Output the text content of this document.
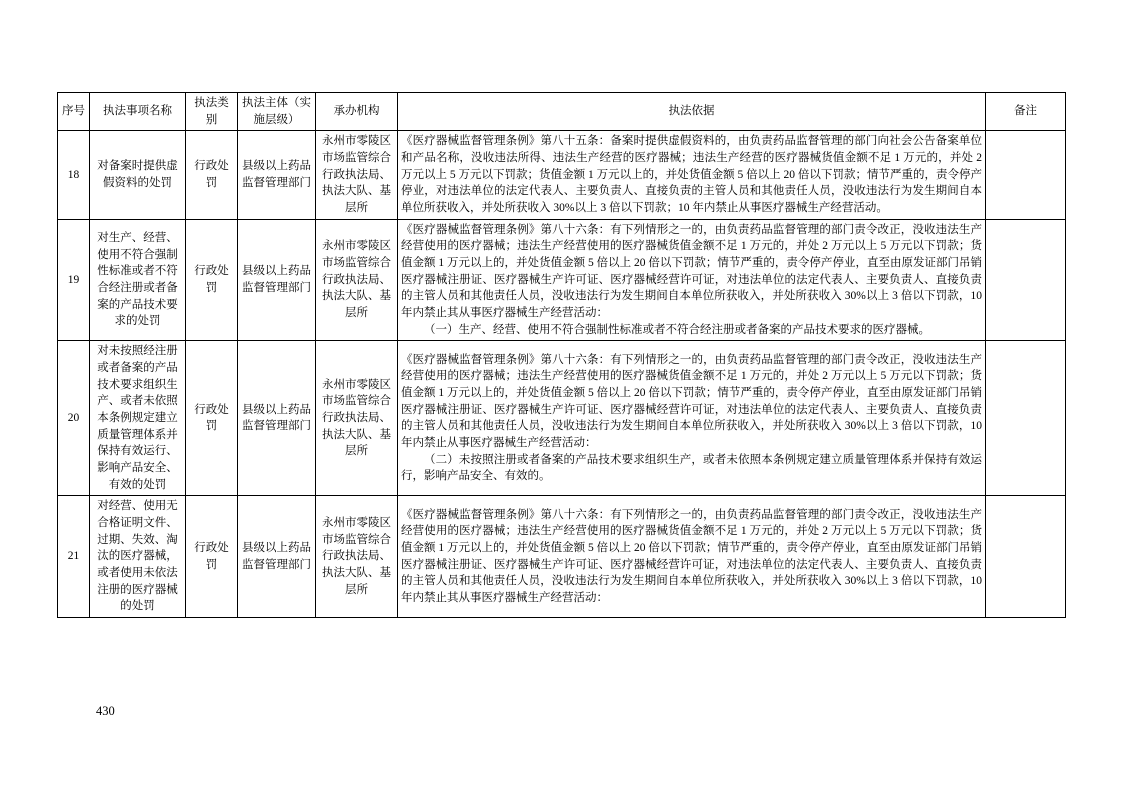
序号	执法事项名称	执法类别	执法主体（实施层级）	承办机构	执法依据	备注
18	对备案时提供虚假资料的处罚	行政处罚	县级以上药品监督管理部门	永州市零陵区市场监管综合行政执法局、执法大队、基层所	《医疗器械监督管理条例》第八十五条：备案时提供虚假资料的，由负责药品监督管理的部门向社会公告备案单位和产品名称，没收违法所得、违法生产经营的医疗器械；违法生产经营的医疗器械货值金额不足 1 万元的，并处 2 万元以上 5 万元以下罚款；货值金额 1 万元以上的，并处货值金额 5 倍以上 20 倍以下罚款；情节严重的，责令停产停业，对违法单位的法定代表人、主要负责人、直接负责的主管人员和其他责任人员，没收违法行为发生期间自本单位所获收入，并处所获收入 30%以上 3 倍以下罚款；10 年内禁止从事医疗器械生产经营活动。	

19	对生产、经营、使用不符合强制性标准或者不符合经注册或者备案的产品技术要求的处罚	行政处罚	县级以上药品监督管理部门	永州市零陵区市场监管综合行政执法局、执法大队、基层所	《医疗器械监督管理条例》第八十六条：有下列情形之一的，由负责药品监督管理的部门责令改正，没收违法生产经营使用的医疗器械；违法生产经营使用的医疗器械货值金额不足 1 万元的，并处 2 万元以上 5 万元以下罚款；货值金额 1 万元以上的，并处货值金额 5 倍以上 20 倍以下罚款；情节严重的，责令停产停业，直至由原发证部门吊销医疗器械注册证、医疗器械生产许可证、医疗器械经营许可证，对违法单位的法定代表人、主要负责人、直接负责的主管人员和其他责任人员，没收违法行为发生期间自本单位所获收入，并处所获收入 30%以上 3 倍以下罚款，10 年内禁止其从事医疗器械生产经营活动：

（一）生产、经营、使用不符合强制性标准或者不符合经注册或者备案的产品技术要求的医疗器械。	

20	对未按照经注册或者备案的产品技术要求组织生产、或者未依照本条例规定建立质量管理体系并保持有效运行、影响产品安全、有效的处罚	行政处罚	县级以上药品监督管理部门	永州市零陵区市场监管综合行政执法局、执法大队、基层所	《医疗器械监督管理条例》第八十六条：有下列情形之一的，由负责药品监督管理的部门责令改正，没收违法生产经营使用的医疗器械；违法生产经营使用的医疗器械货值金额不足 1 万元的，并处 2 万元以上 5 万元以下罚款；货值金额 1 万元以上的，并处货值金额 5 倍以上 20 倍以下罚款；情节严重的，责令停产停业，直至由原发证部门吊销医疗器械注册证、医疗器械生产许可证、医疗器械经营许可证，对违法单位的法定代表人、主要负责人、直接负责的主管人员和其他责任人员，没收违法行为发生期间自本单位所获收入，并处所获收入 30%以上 3 倍以下罚款，10 年内禁止从事医疗器械生产经营活动：

（二）未按照注册或者备案的产品技术要求组织生产，或者未依照本条例规定建立质量管理体系并保持有效运行，影响产品安全、有效的。	

21	对经营、使用无合格证明文件、过期、失效、淘汰的医疗器械，或者使用未依法注册的医疗器械的处罚	行政处罚	县级以上药品监督管理部门	永州市零陵区市场监管综合行政执法局、执法大队、基层所	《医疗器械监督管理条例》第八十六条：有下列情形之一的，由负责药品监督管理的部门责令改正，没收违法生产经营使用的医疗器械；违法生产经营使用的医疗器械货值金额不足 1 万元的，并处 2 万元以上 5 万元以下罚款；货值金额 1 万元以上的，并处货值金额 5 倍以上 20 倍以下罚款；情节严重的，责令停产停业，直至由原发证部门吊销医疗器械注册证、医疗器械生产许可证、医疗器械经营许可证，对违法单位的法定代表人、主要负责人、直接负责的主管人员和其他责任人员，没收违法行为发生期间自本单位所获收入，并处所获收入 30%以上 3 倍以下罚款，10 年内禁止其从事医疗器械生产经营活动：	

430
